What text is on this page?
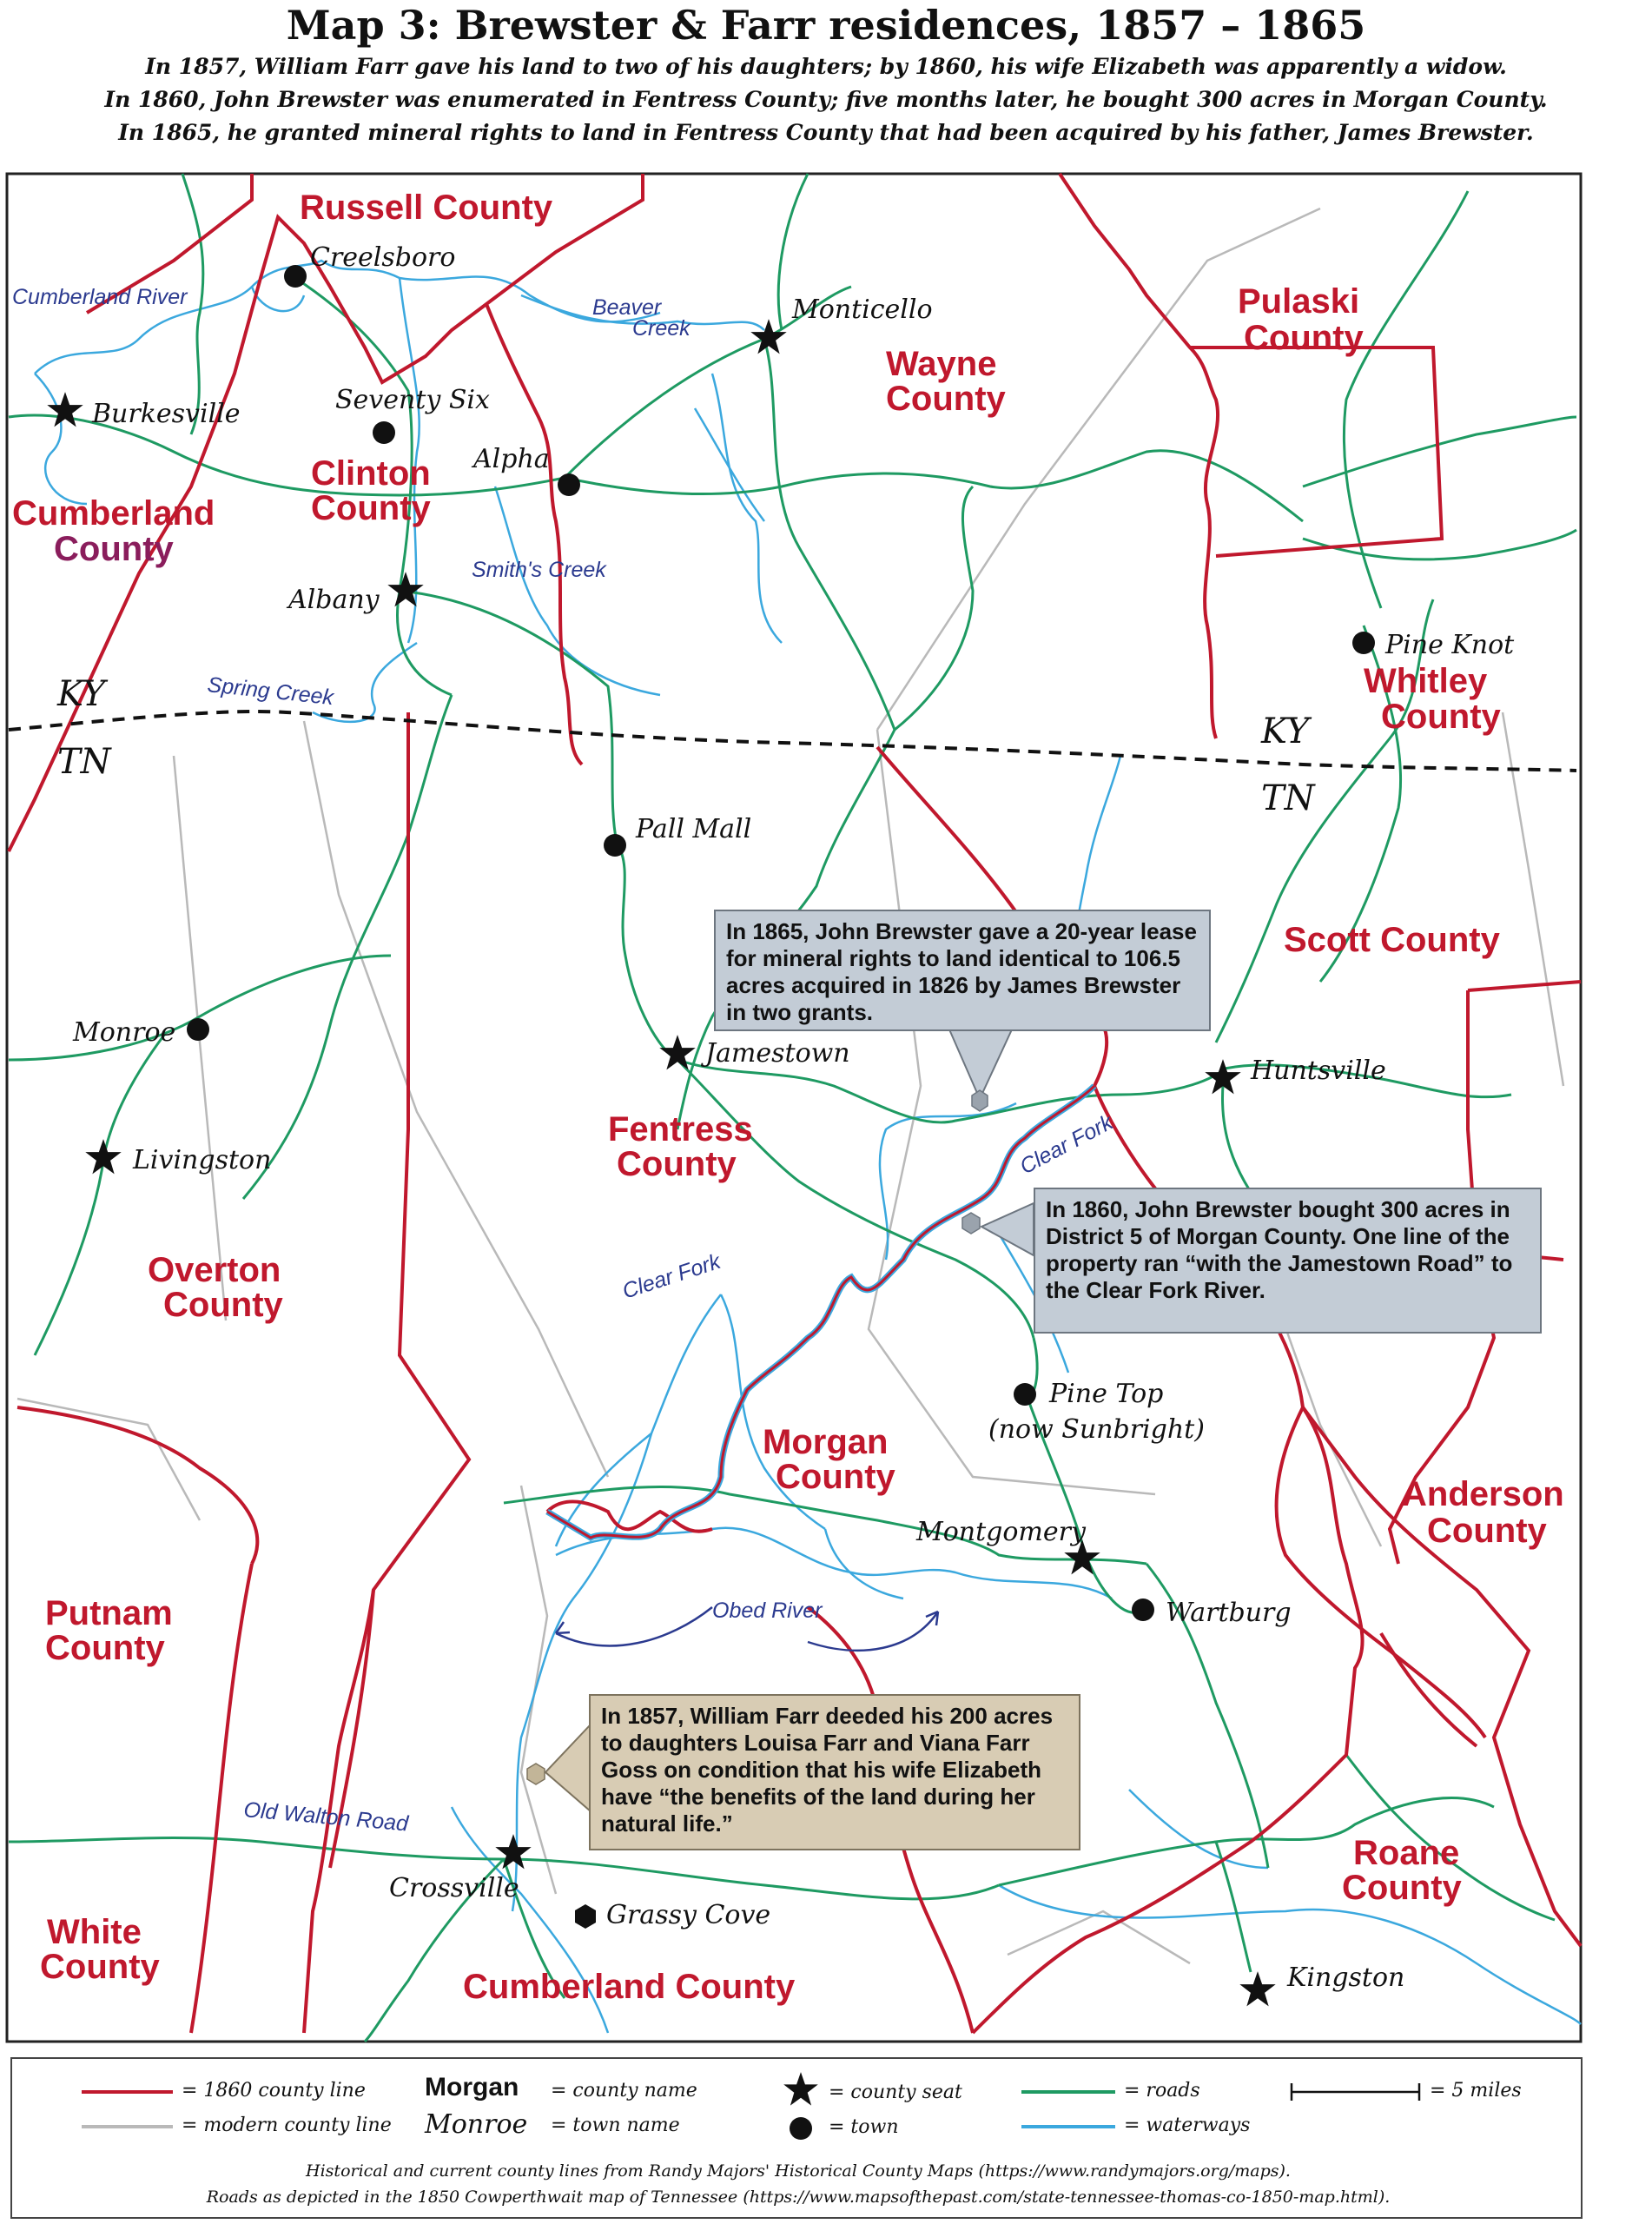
Map 3: Brewster & Farr residences, 1857 – 1865
In 1857, William Farr gave his land to two of his daughters; by 1860, his wife Elizabeth was apparently a widow.
In 1860, John Brewster was enumerated in Fentress County; five months later, he bought 300 acres in Morgan County.
In 1865, he granted mineral rights to land in Fentress County that had been acquired by his father, James Brewster.
Russell County
Pulaski
County
Wayne
County
Clinton
County
Cumberland
County
Whitley
County
Scott County
Fentress
County
Overton
County
Morgan
County	Anderson
County
Putnam
County
Roane
County
White
County
Cumberland County
Creelsboro
Monticello
Burkesville	Seventy Six
Alpha
Albany
Pine Knot
Pall Mall
Monroe
Jamestown
Huntsville
Livingston
Pine Top
(now Sunbright)
Montgomery
Wartburg
Crossville
Grassy Cove
Kingston
Cumberland River	Beaver
Creek
Smith's Creek
Spring Creek
Clear Fork
Clear Fork
Obed River
Old Walton Road
KY
TN
KY
TN
In 1865, John Brewster gave a 20-year lease for mineral rights to land identical to 106.5 acres acquired in 1826 by James Brewster in two grants.
In 1860, John Brewster bought 300 acres in District 5 of Morgan County. One line of the property ran “with the Jamestown Road” to the Clear Fork River.
In 1857, William Farr deeded his 200 acres to daughters Louisa Farr and Viana Farr Goss on condition that his wife Elizabeth have “the benefits of the land during her natural life.”
= 1860 county line
= modern county line
Morgan = county name
Monroe = town name
= county seat
= town
= roads
= waterways
= 5 miles
Historical and current county lines from Randy Majors' Historical County Maps (https://www.randymajors.org/maps).
Roads as depicted in the 1850 Cowperthwait map of Tennessee (https://www.mapsofthepast.com/state-tennessee-thomas-co-1850-map.html).
